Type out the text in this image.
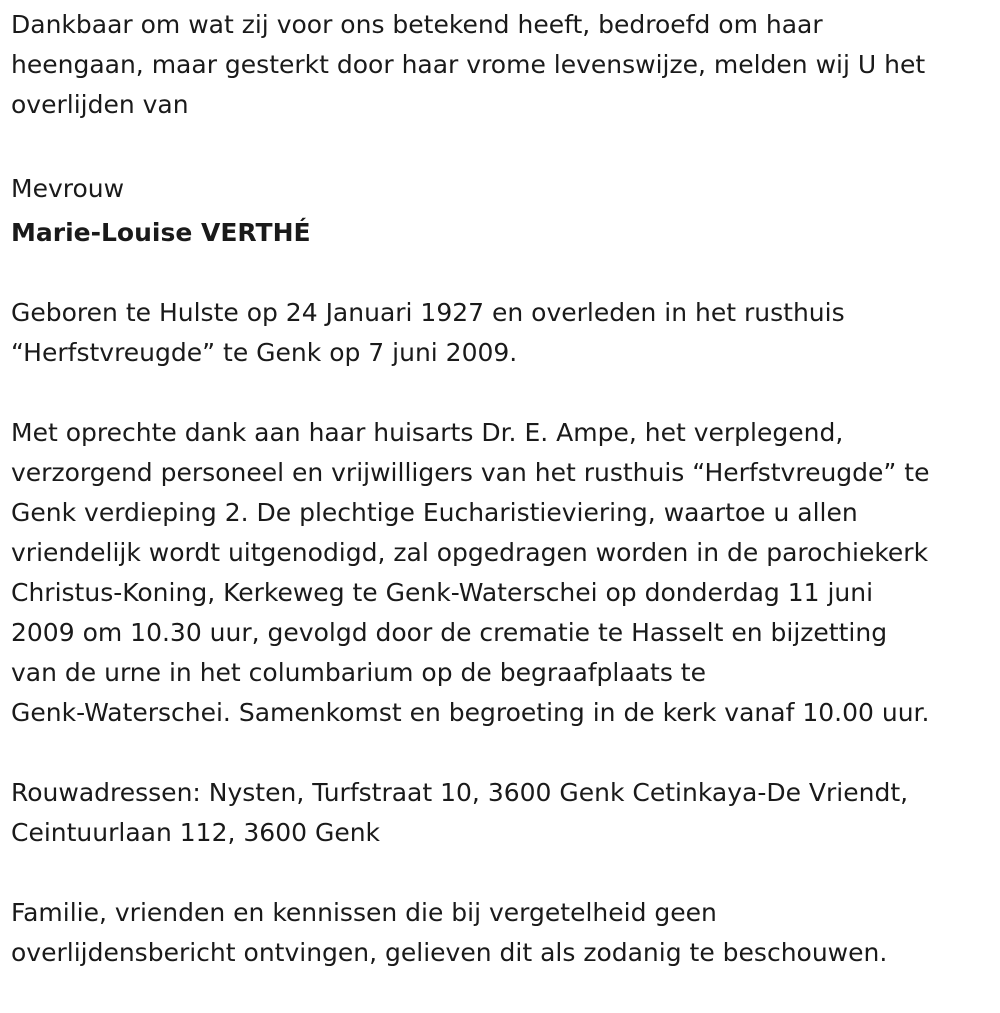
Dankbaar om wat zij voor ons betekend heeft, bedroefd om haar
heengaan, maar gesterkt door haar vrome levenswijze, melden wij U het
overlijden van
Mevrouw
Marie-Louise VERTHÉ
Geboren te Hulste op 24 Januari 1927 en overleden in het rusthuis
“Herfstvreugde” te Genk op 7 juni 2009.
Met oprechte dank aan haar huisarts Dr. E. Ampe, het verplegend,
verzorgend personeel en vrijwilligers van het rusthuis “Herfstvreugde” te
Genk verdieping 2. De plechtige Eucharistieviering, waartoe u allen
vriendelijk wordt uitgenodigd, zal opgedragen worden in de parochiekerk
Christus-Koning, Kerkeweg te Genk-Waterschei op donderdag 11 juni
2009 om 10.30 uur, gevolgd door de crematie te Hasselt en bijzetting
van de urne in het columbarium op de begraafplaats te
Genk-Waterschei. Samenkomst en begroeting in de kerk vanaf 10.00 uur.
Rouwadressen: Nysten, Turfstraat 10, 3600 Genk Cetinkaya-De Vriendt,
Ceintuurlaan 112, 3600 Genk
Familie, vrienden en kennissen die bij vergetelheid geen
overlijdensbericht ontvingen, gelieven dit als zodanig te beschouwen.
